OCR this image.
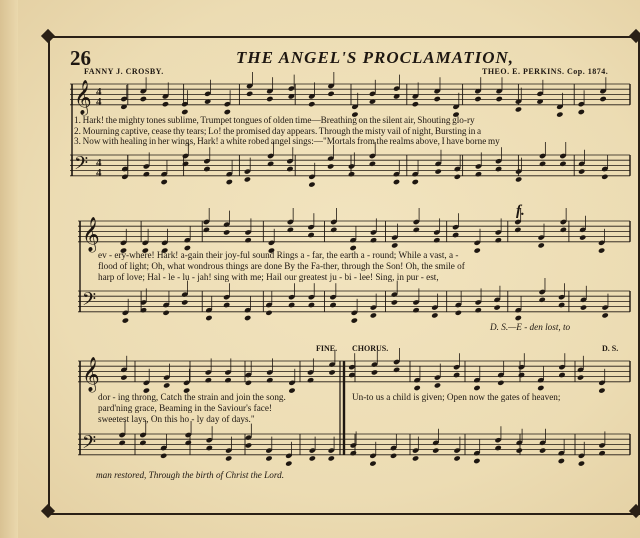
𝄞
𝄢
4
4
4
4
𝄞
𝄢
𝄞
𝄢
26	THE ANGEL'S PROCLAMATION,
FANNY J. CROSBY.	THEO. E. PERKINS. Cop. 1874.
1. Hark! the mighty tones sublime, Trumpet tongues of olden time—Breathing on the silent air, Shouting glo-ry
2. Mourning captive, cease thy tears; Lo! the promised day appears. Through the misty vail of night, Bursting in a
3. Now with healing in her wings, Hark! a white robed angel sings:—"Mortals from the realms above, I have borne my
f.
ev - ery-where! Hark! a-gain their joy-ful sound Rings a - far, the earth a - round; While a vast, a -
flood of light; Oh, what wondrous things are done By the Fa-ther, through the Son! Oh, the smile of
harp of love; Hal - le - lu - jah! sing with me; Hail our greatest ju - bi - lee! Sing, in pur - est,
D. S.—E - den lost, to
FINE. CHORUS.	D. S.
dor - ing throng, Catch the strain and join the song.
pard'ning grace, Beaming in the Saviour's face!
sweetest lays, On this ho - ly day of days."
Un-to us a child is given; Open now the gates of heaven;
man restored, Through the birth of Christ the Lord.
